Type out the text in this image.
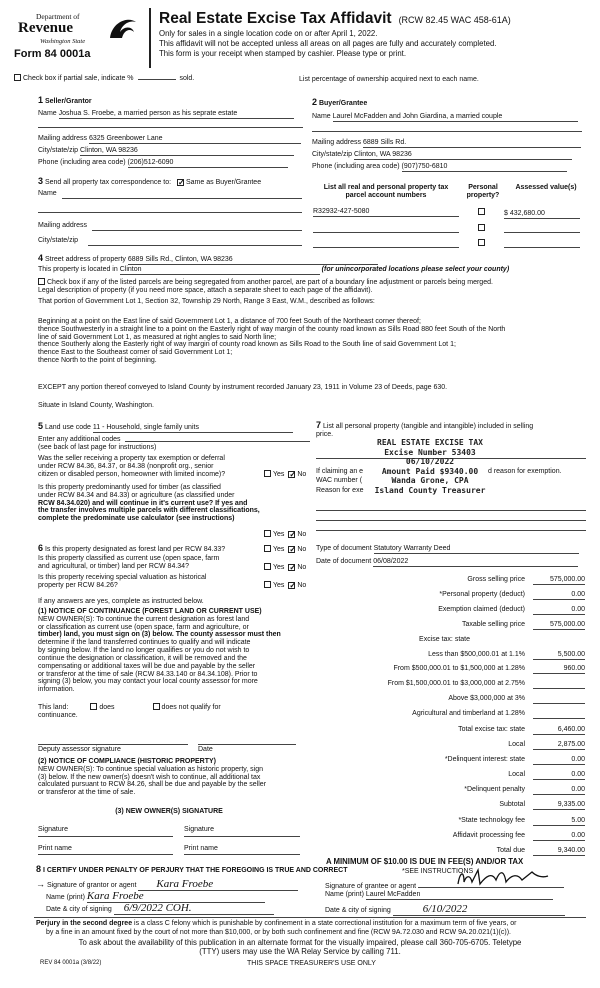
Department of
Revenue
Washington State
Form 84 0001a
Real Estate Excise Tax Affidavit (RCW 82.45 WAC 458-61A)
Only for sales in a single location code on or after April 1, 2022.
This affidavit will not be accepted unless all areas on all pages are fully and accurately completed.
This form is your receipt when stamped by cashier. Please type or print.
Check box if partial sale, indicate %	sold.	List percentage of ownership acquired next to each name.
1 Seller/Grantor
Name Joshua S. Froebe, a married person as his seprate estate
Mailing address 6325 Greenbower Lane
City/state/zip Clinton, WA 98236
Phone (including area code) (206)512-6090
2 Buyer/Grantee
Name Laurel McFadden and John Giardina, a married couple
Mailing address 6889 Sills Rd.
City/state/zip Clinton, WA 98236
Phone (including area code) (907)750-6810
3 Send all property tax correspondence to: ✓ Same as Buyer/Grantee
Name
Mailing address
City/state/zip
List all real and personal property tax parcel account numbers
Personal property?
Assessed value(s)
R32932-427-5080	$ 432,680.00
4 Street address of property 6889 Sills Rd., Clinton, WA 98236
This property is located in Clinton	(for unincorporated locations please select your county)
Check box if any of the listed parcels are being segregated from another parcel, are part of a boundary line adjustment or parcels being merged.
Legal description of property (if you need more space, attach a separate sheet to each page of the affidavit).
That portion of Government Lot 1, Section 32, Township 29 North, Range 3 East, W.M., described as follows:
Beginning at a point on the East line of said Government Lot 1, a distance of 700 feet South of the Northeast corner thereof;
thence Southwesterly in a straight line to a point on the Easterly right of way margin of the county road known as Sills Road 880 feet South of the North
line of said Government Lot 1, as measured at right angles to said North line;
thence Southerly along the Easterly right of way margin of county road known as Sills Road to the South line of said Government Lot 1;
thence East to the Southeast corner of said Government Lot 1;
thence North to the point of beginning.
EXCEPT any portion thereof conveyed to Island County by instrument recorded January 23, 1911 in Volume 23 of Deeds, page 630.
Situate in Island County, Washington.
5 Land use code 11 - Household, single family units
Enter any additional codes
(see back of last page for instructions)
Was the seller receiving a property tax exemption or deferral
under RCW 84.36, 84.37, or 84.38 (nonprofit org., senior
citizen or disabled person, homeowner with limited income)?	Yes ✓ No
Is this property predominantly used for timber (as classified
under RCW 84.34 and 84.33) or agriculture (as classified under
RCW 84.34.020) and will continue in it's current use? If yes and
the transfer involves multiple parcels with different classifications,
complete the predominate use calculator (see instructions)
Yes ✓ No
6 Is this property designated as forest land per RCW 84.33?	Yes ✓ No
Is this property classified as current use (open space, farm
and agricultural, or timber) land per RCW 84.34?	Yes ✓ No
Is this property receiving special valuation as historical
property per RCW 84.26?	Yes ✓ No
If any answers are yes, complete as instructed below.
(1) NOTICE OF CONTINUANCE (FOREST LAND OR CURRENT USE)
NEW OWNER(S): To continue the current designation as forest land
or classification as current use (open space, farm and agriculture, or
timber) land, you must sign on (3) below. The county assessor must then
determine if the land transferred continues to qualify and will indicate
by signing below. If the land no longer qualifies or you do not wish to
continue the designation or classification, it will be removed and the
compensating or additional taxes will be due and payable by the seller
or transferor at the time of sale (RCW 84.33.140 or 84.34.108). Prior to
signing (3) below, you may contact your local county assessor for more
information.
This land:	does	does not qualify for
continuance.
Deputy assessor signature	Date
(2) NOTICE OF COMPLIANCE (HISTORIC PROPERTY)
NEW OWNER(S): To continue special valuation as historic property, sign
(3) below. If the new owner(s) doesn't wish to continue, all additional tax
calculated pursuant to RCW 84.26, shall be due and payable by the seller
or transferor at the time of sale.
(3) NEW OWNER(S) SIGNATURE
Signature	Signature
Print name	Print name
7 List all personal property (tangible and intangible) included in selling
price.
If claiming an e	d reason for exemption.
WAC number (
Reason for exe
REAL ESTATE EXCISE TAX
Excise Number 53403
06/10/2022
Amount Paid $9340.00
Wanda Grone, CPA
Island County Treasurer
Type of document Statutory Warranty Deed
Date of document 06/08/2022
Gross selling price	575,000.00
*Personal property (deduct)	0.00
Exemption claimed (deduct)	0.00
Taxable selling price	575,000.00
Excise tax: state
Less than $500,000.01 at 1.1%	5,500.00
From $500,000.01 to $1,500,000 at 1.28%	960.00
From $1,500,000.01 to $3,000,000 at 2.75%
Above $3,000,000 at 3%
Agricultural and timberland at 1.28%
Total excise tax: state	6,460.00
Local	2,875.00
*Delinquent interest: state	0.00
Local	0.00
*Delinquent penalty	0.00
Subtotal	9,335.00
*State technology fee	5.00
Affidavit processing fee	0.00
Total due	9,340.00
A MINIMUM OF $10.00 IS DUE IN FEE(S) AND/OR TAX
*SEE INSTRUCTIONS
8 I CERTIFY UNDER PENALTY OF PERJURY THAT THE FOREGOING IS TRUE AND CORRECT
→ Signature of grantor or agent Kara Froebe
Name (print) Kara Froebe
Date & city of signing 6/9/2022 COH.
Signature of grantee or agent
Name (print) Laurel McFadden
Date & city of signing	6/10/2022
Perjury in the second degree is a class C felony which is punishable by confinement in a state correctional institution for a maximum term of five years, or
by a fine in an amount fixed by the court of not more than $10,000, or by both such confinement and fine (RCW 9A.72.030 and RCW 9A.20.021(1)(c)).
To ask about the availability of this publication in an alternate format for the visually impaired, please call 360-705-6705. Teletype
(TTY) users may use the WA Relay Service by calling 711.
REV 84 0001a (3/8/22)	THIS SPACE TREASURER'S USE ONLY
